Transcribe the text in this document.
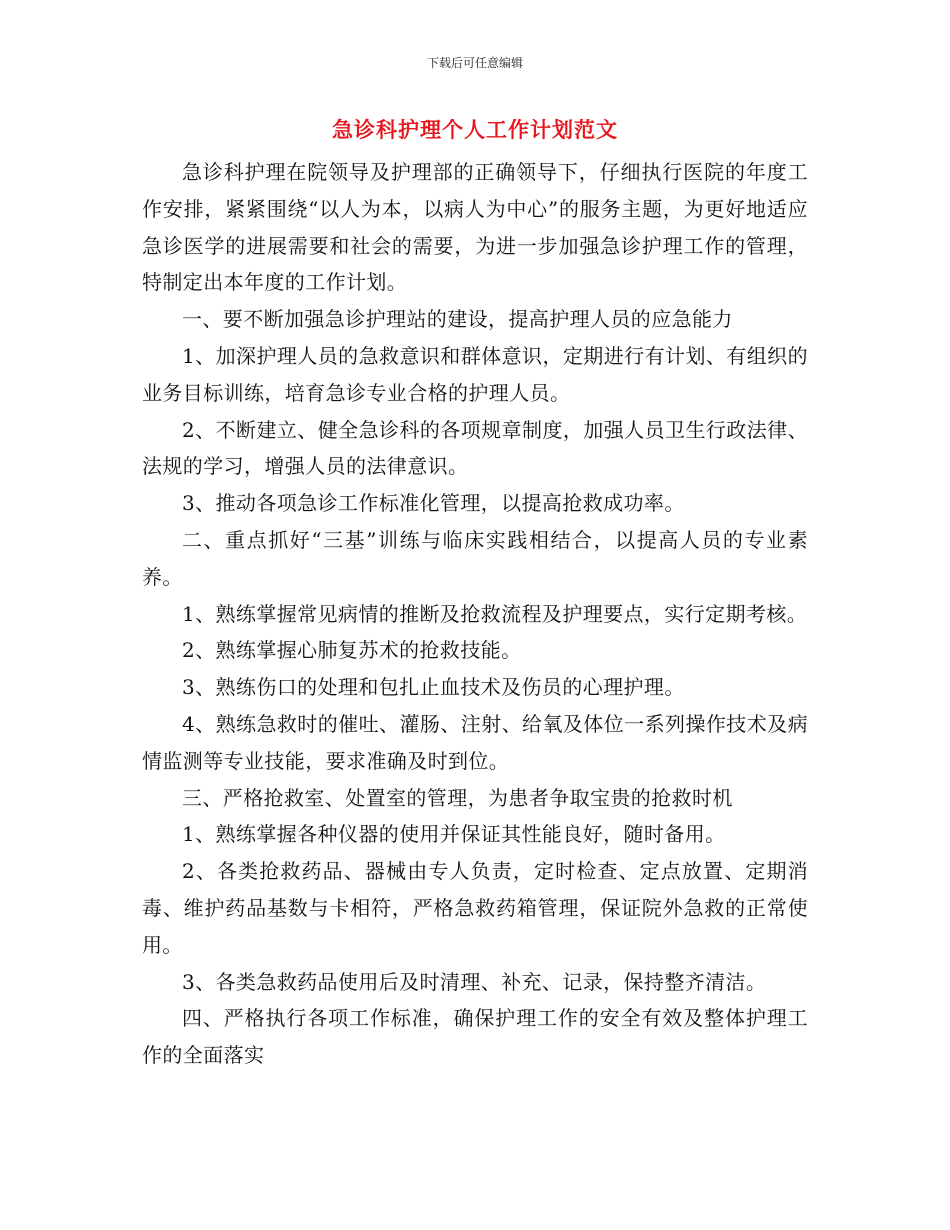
下载后可任意编辑
急诊科护理个人工作计划范文

急诊科护理在院领导及护理部的正确领导下，仔细执行医院的年度工作安排，紧紧围绕“以人为本，以病人为中心”的服务主题，为更好地适应急诊医学的进展需要和社会的需要，为进一步加强急诊护理工作的管理，特制定出本年度的工作计划。

一、要不断加强急诊护理站的建设，提高护理人员的应急能力

1、加深护理人员的急救意识和群体意识，定期进行有计划、有组织的业务目标训练，培育急诊专业合格的护理人员。

2、不断建立、健全急诊科的各项规章制度，加强人员卫生行政法律、法规的学习，增强人员的法律意识。

3、推动各项急诊工作标准化管理，以提高抢救成功率。

二、重点抓好“三基”训练与临床实践相结合，以提高人员的专业素养。

1、熟练掌握常见病情的推断及抢救流程及护理要点，实行定期考核。

2、熟练掌握心肺复苏术的抢救技能。

3、熟练伤口的处理和包扎止血技术及伤员的心理护理。

4、熟练急救时的催吐、灌肠、注射、给氧及体位一系列操作技术及病情监测等专业技能，要求准确及时到位。

三、严格抢救室、处置室的管理，为患者争取宝贵的抢救时机

1、熟练掌握各种仪器的使用并保证其性能良好，随时备用。

2、各类抢救药品、器械由专人负责，定时检查、定点放置、定期消毒、维护药品基数与卡相符，严格急救药箱管理，保证院外急救的正常使用。

3、各类急救药品使用后及时清理、补充、记录，保持整齐清洁。

四、严格执行各项工作标准，确保护理工作的安全有效及整体护理工作的全面落实
